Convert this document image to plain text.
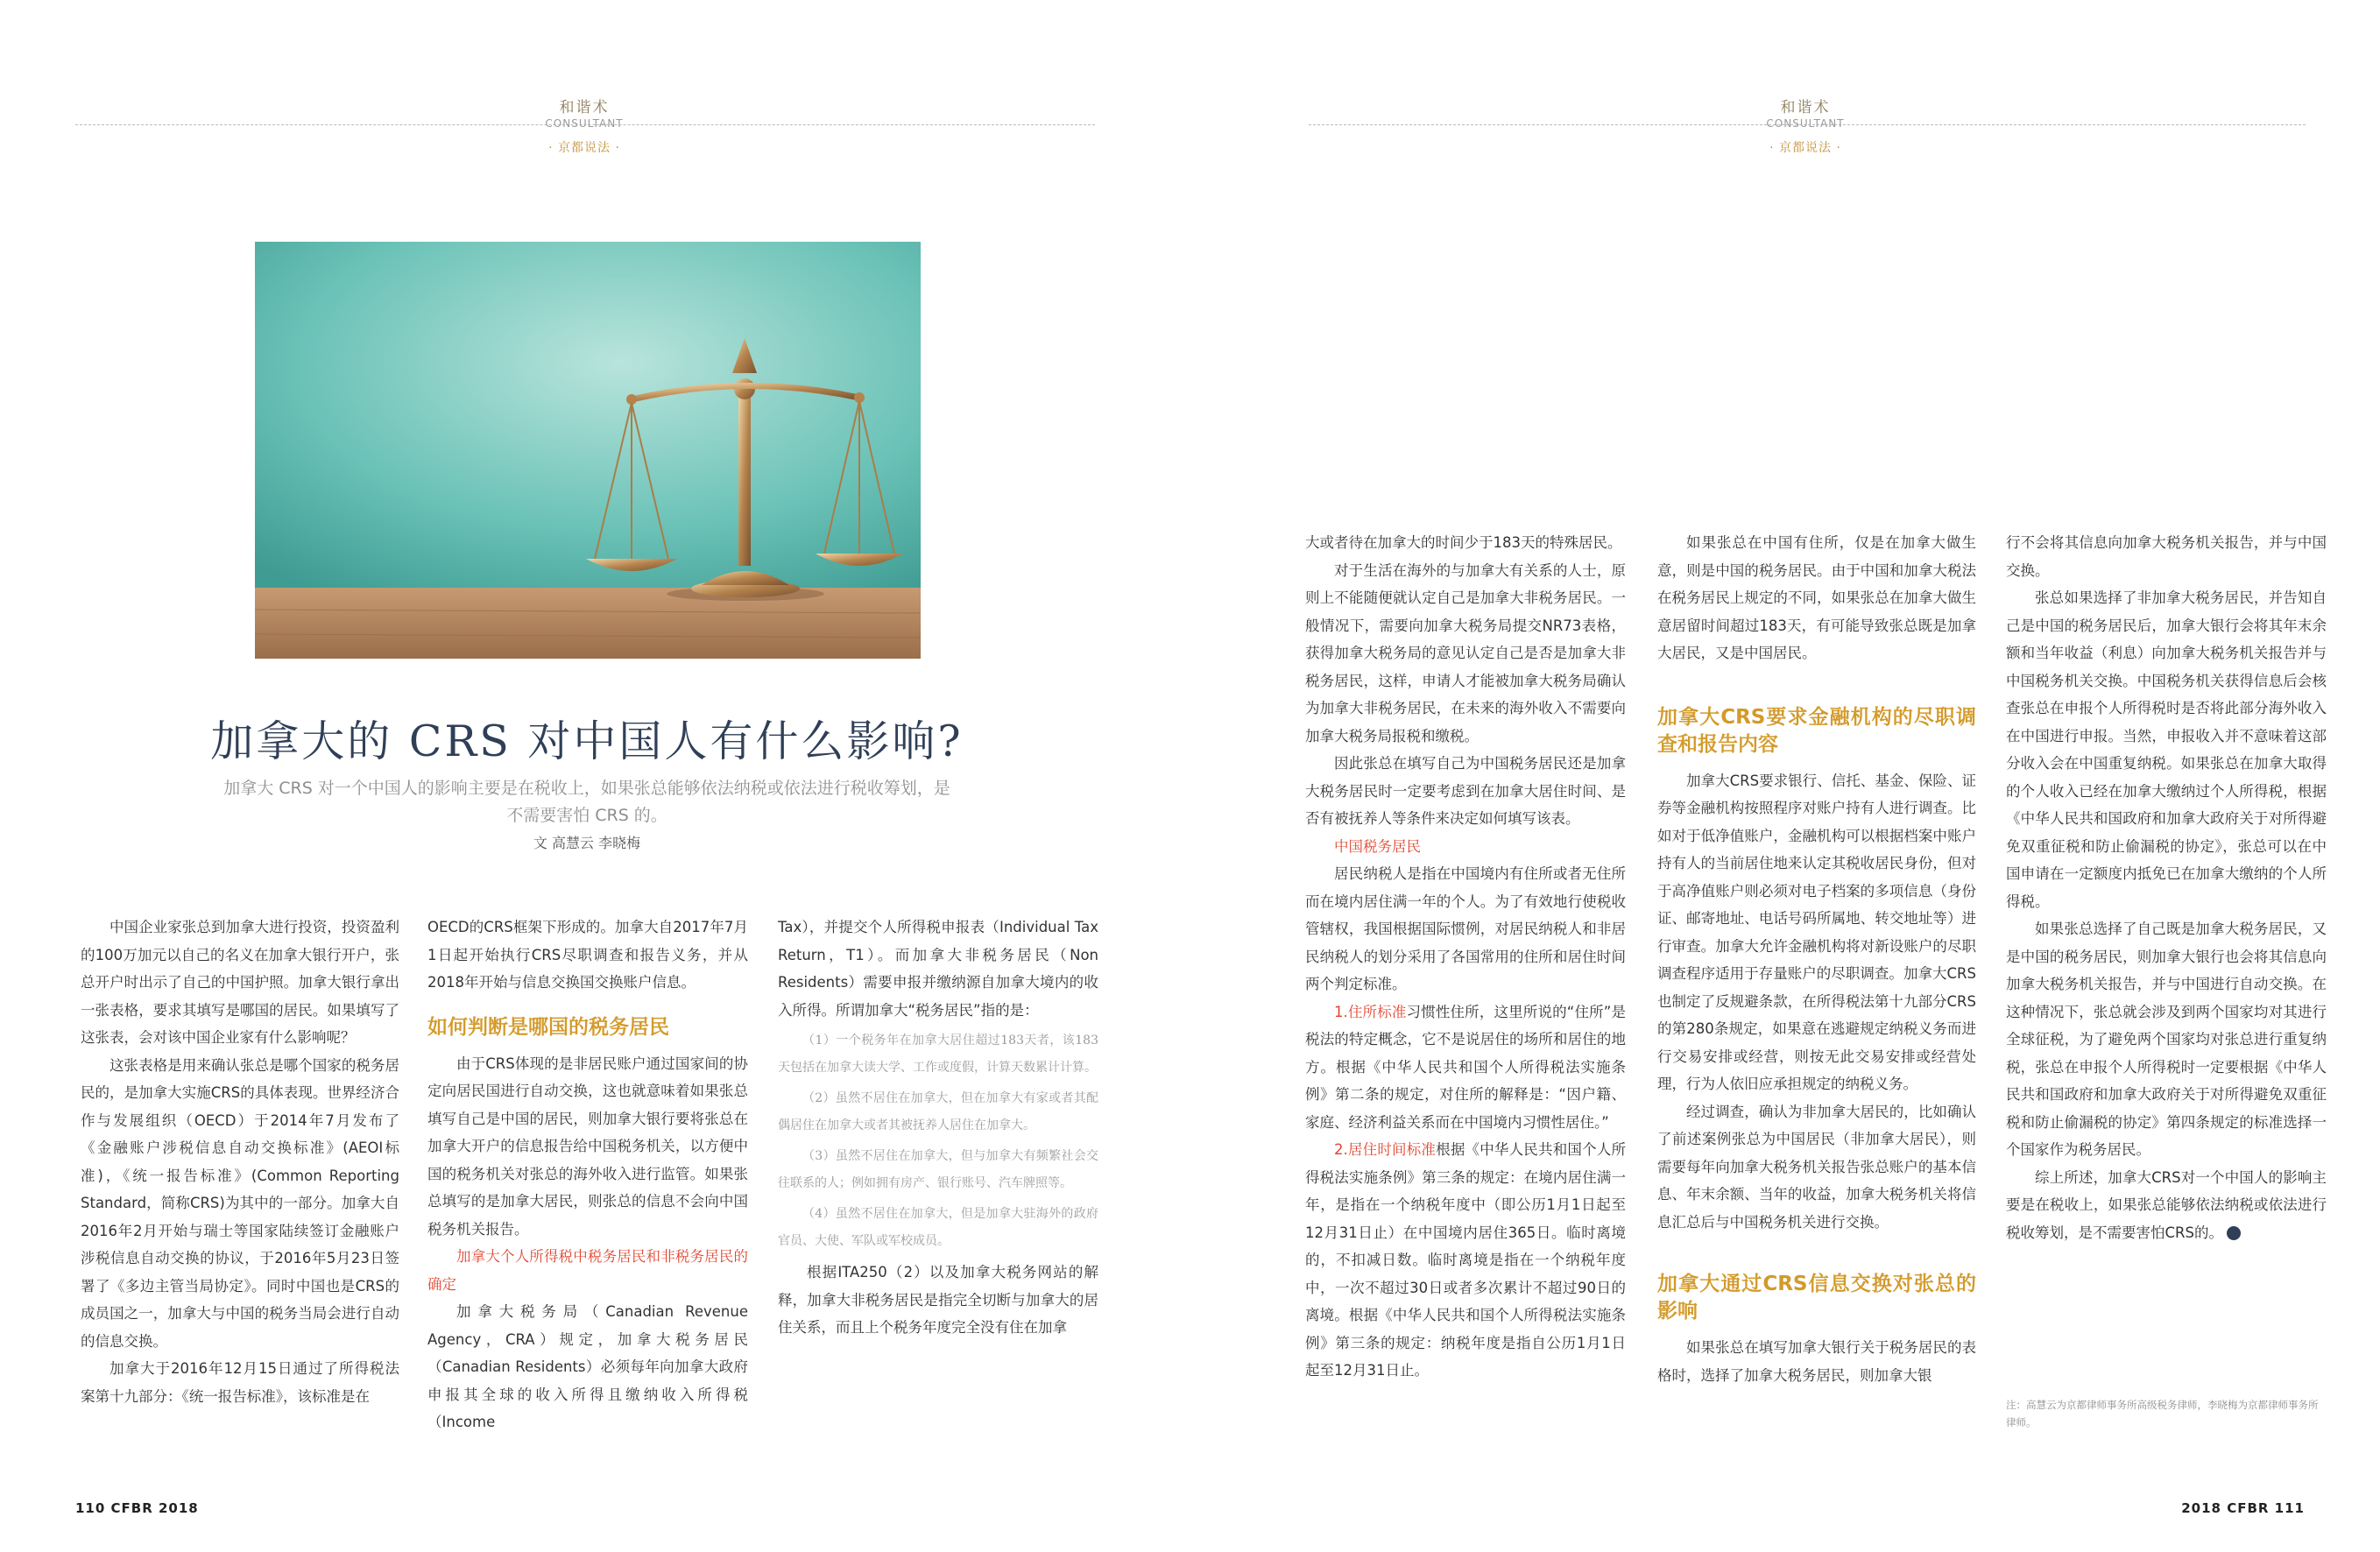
和谐术
CONSULTANT
· 京都说法 ·
加拿大的 CRS 对中国人有什么影响?
加拿大 CRS 对一个中国人的影响主要是在税收上，如果张总能够依法纳税或依法进行税收筹划，是
不需要害怕 CRS 的。
文 高慧云 李晓梅

中国企业家张总到加拿大进行投资，投资盈利的100万加元以自己的名义在加拿大银行开户，张总开户时出示了自己的中国护照。加拿大银行拿出一张表格，要求其填写是哪国的居民。如果填写了这张表，会对该中国企业家有什么影响呢？

这张表格是用来确认张总是哪个国家的税务居民的，是加拿大实施CRS的具体表现。世界经济合作与发展组织（OECD）于2014年7月发布了《金融账户涉税信息自动交换标准》(AEOI标准)，《统一报告标准》(Common Reporting Standard，简称CRS)为其中的一部分。加拿大自2016年2月开始与瑞士等国家陆续签订金融账户涉税信息自动交换的协议，于2016年5月23日签署了《多边主管当局协定》。同时中国也是CRS的成员国之一，加拿大与中国的税务当局会进行自动的信息交换。

加拿大于2016年12月15日通过了所得税法案第十九部分：《统一报告标准》，该标准是在

OECD的CRS框架下形成的。加拿大自2017年7月1日起开始执行CRS尽职调查和报告义务，并从2018年开始与信息交换国交换账户信息。

如何判断是哪国的税务居民

由于CRS体现的是非居民账户通过国家间的协定向居民国进行自动交换，这也就意味着如果张总填写自己是中国的居民，则加拿大银行要将张总在加拿大开户的信息报告给中国税务机关，以方便中国的税务机关对张总的海外收入进行监管。如果张总填写的是加拿大居民，则张总的信息不会向中国税务机关报告。

加拿大个人所得税中税务居民和非税务居民的确定

加拿大税务局（Canadian Revenue Agency，CRA）规定，加拿大税务居民（Canadian Residents）必须每年向加拿大政府申报其全球的收入所得且缴纳收入所得税（Income

Tax），并提交个人所得税申报表（Individual Tax Return，T1）。而加拿大非税务居民（Non Residents）需要申报并缴纳源自加拿大境内的收入所得。所谓加拿大“税务居民”指的是：

（1）一个税务年在加拿大居住超过183天者，该183天包括在加拿大读大学、工作或度假，计算天数累计计算。

（2）虽然不居住在加拿大，但在加拿大有家或者其配偶居住在加拿大或者其被抚养人居住在加拿大。

（3）虽然不居住在加拿大，但与加拿大有频繁社会交往联系的人；例如拥有房产、银行账号、汽车牌照等。

（4）虽然不居住在加拿大，但是加拿大驻海外的政府官员、大使、军队或军校成员。

根据ITA250（2）以及加拿大税务网站的解释，加拿大非税务居民是指完全切断与加拿大的居住关系，而且上个税务年度完全没有住在加拿

110 CFBR 2018
和谐术
CONSULTANT
· 京都说法 ·

大或者待在加拿大的时间少于183天的特殊居民。

对于生活在海外的与加拿大有关系的人士，原则上不能随便就认定自己是加拿大非税务居民。一般情况下，需要向加拿大税务局提交NR73表格，获得加拿大税务局的意见认定自己是否是加拿大非税务居民，这样，申请人才能被加拿大税务局确认为加拿大非税务居民，在未来的海外收入不需要向加拿大税务局报税和缴税。

因此张总在填写自己为中国税务居民还是加拿大税务居民时一定要考虑到在加拿大居住时间、是否有被抚养人等条件来决定如何填写该表。

中国税务居民

居民纳税人是指在中国境内有住所或者无住所而在境内居住满一年的个人。为了有效地行使税收管辖权，我国根据国际惯例，对居民纳税人和非居民纳税人的划分采用了各国常用的住所和居住时间两个判定标准。

1.住所标准习惯性住所，这里所说的“住所”是税法的特定概念，它不是说居住的场所和居住的地方。根据《中华人民共和国个人所得税法实施条例》第二条的规定，对住所的解释是：“因户籍、家庭、经济利益关系而在中国境内习惯性居住。”

2.居住时间标准根据《中华人民共和国个人所得税法实施条例》第三条的规定：在境内居住满一年，是指在一个纳税年度中（即公历1月1日起至12月31日止）在中国境内居住365日。临时离境的，不扣减日数。临时离境是指在一个纳税年度中，一次不超过30日或者多次累计不超过90日的离境。根据《中华人民共和国个人所得税法实施条例》第三条的规定：纳税年度是指自公历1月1日起至12月31日止。

如果张总在中国有住所，仅是在加拿大做生意，则是中国的税务居民。由于中国和加拿大税法在税务居民上规定的不同，如果张总在加拿大做生意居留时间超过183天，有可能导致张总既是加拿大居民，又是中国居民。

加拿大CRS要求金融机构的尽职调查和报告内容

加拿大CRS要求银行、信托、基金、保险、证券等金融机构按照程序对账户持有人进行调查。比如对于低净值账户，金融机构可以根据档案中账户持有人的当前居住地来认定其税收居民身份，但对于高净值账户则必须对电子档案的多项信息（身份证、邮寄地址、电话号码所属地、转交地址等）进行审查。加拿大允许金融机构将对新设账户的尽职调查程序适用于存量账户的尽职调查。加拿大CRS也制定了反规避条款，在所得税法第十九部分CRS的第280条规定，如果意在逃避规定纳税义务而进行交易安排或经营，则按无此交易安排或经营处理，行为人依旧应承担规定的纳税义务。

经过调查，确认为非加拿大居民的，比如确认了前述案例张总为中国居民（非加拿大居民），则需要每年向加拿大税务机关报告张总账户的基本信息、年末余额、当年的收益，加拿大税务机关将信息汇总后与中国税务机关进行交换。

加拿大通过CRS信息交换对张总的影响

如果张总在填写加拿大银行关于税务居民的表格时，选择了加拿大税务居民，则加拿大银

行不会将其信息向加拿大税务机关报告，并与中国交换。

张总如果选择了非加拿大税务居民，并告知自己是中国的税务居民后，加拿大银行会将其年末余额和当年收益（利息）向加拿大税务机关报告并与中国税务机关交换。中国税务机关获得信息后会核查张总在申报个人所得税时是否将此部分海外收入在中国进行申报。当然，申报收入并不意味着这部分收入会在中国重复纳税。如果张总在加拿大取得的个人收入已经在加拿大缴纳过个人所得税，根据《中华人民共和国政府和加拿大政府关于对所得避免双重征税和防止偷漏税的协定》，张总可以在中国申请在一定额度内抵免已在加拿大缴纳的个人所得税。

如果张总选择了自己既是加拿大税务居民，又是中国的税务居民，则加拿大银行也会将其信息向加拿大税务机关报告，并与中国进行自动交换。在这种情况下，张总就会涉及到两个国家均对其进行全球征税，为了避免两个国家均对张总进行重复纳税，张总在申报个人所得税时一定要根据《中华人民共和国政府和加拿大政府关于对所得避免双重征税和防止偷漏税的协定》第四条规定的标准选择一个国家作为税务居民。

综上所述，加拿大CRS对一个中国人的影响主要是在税收上，如果张总能够依法纳税或依法进行税收筹划，是不需要害怕CRS的。

注：高慧云为京都律师事务所高级税务律师，李晓梅为京都律师事务所律师。
2018 CFBR 111
